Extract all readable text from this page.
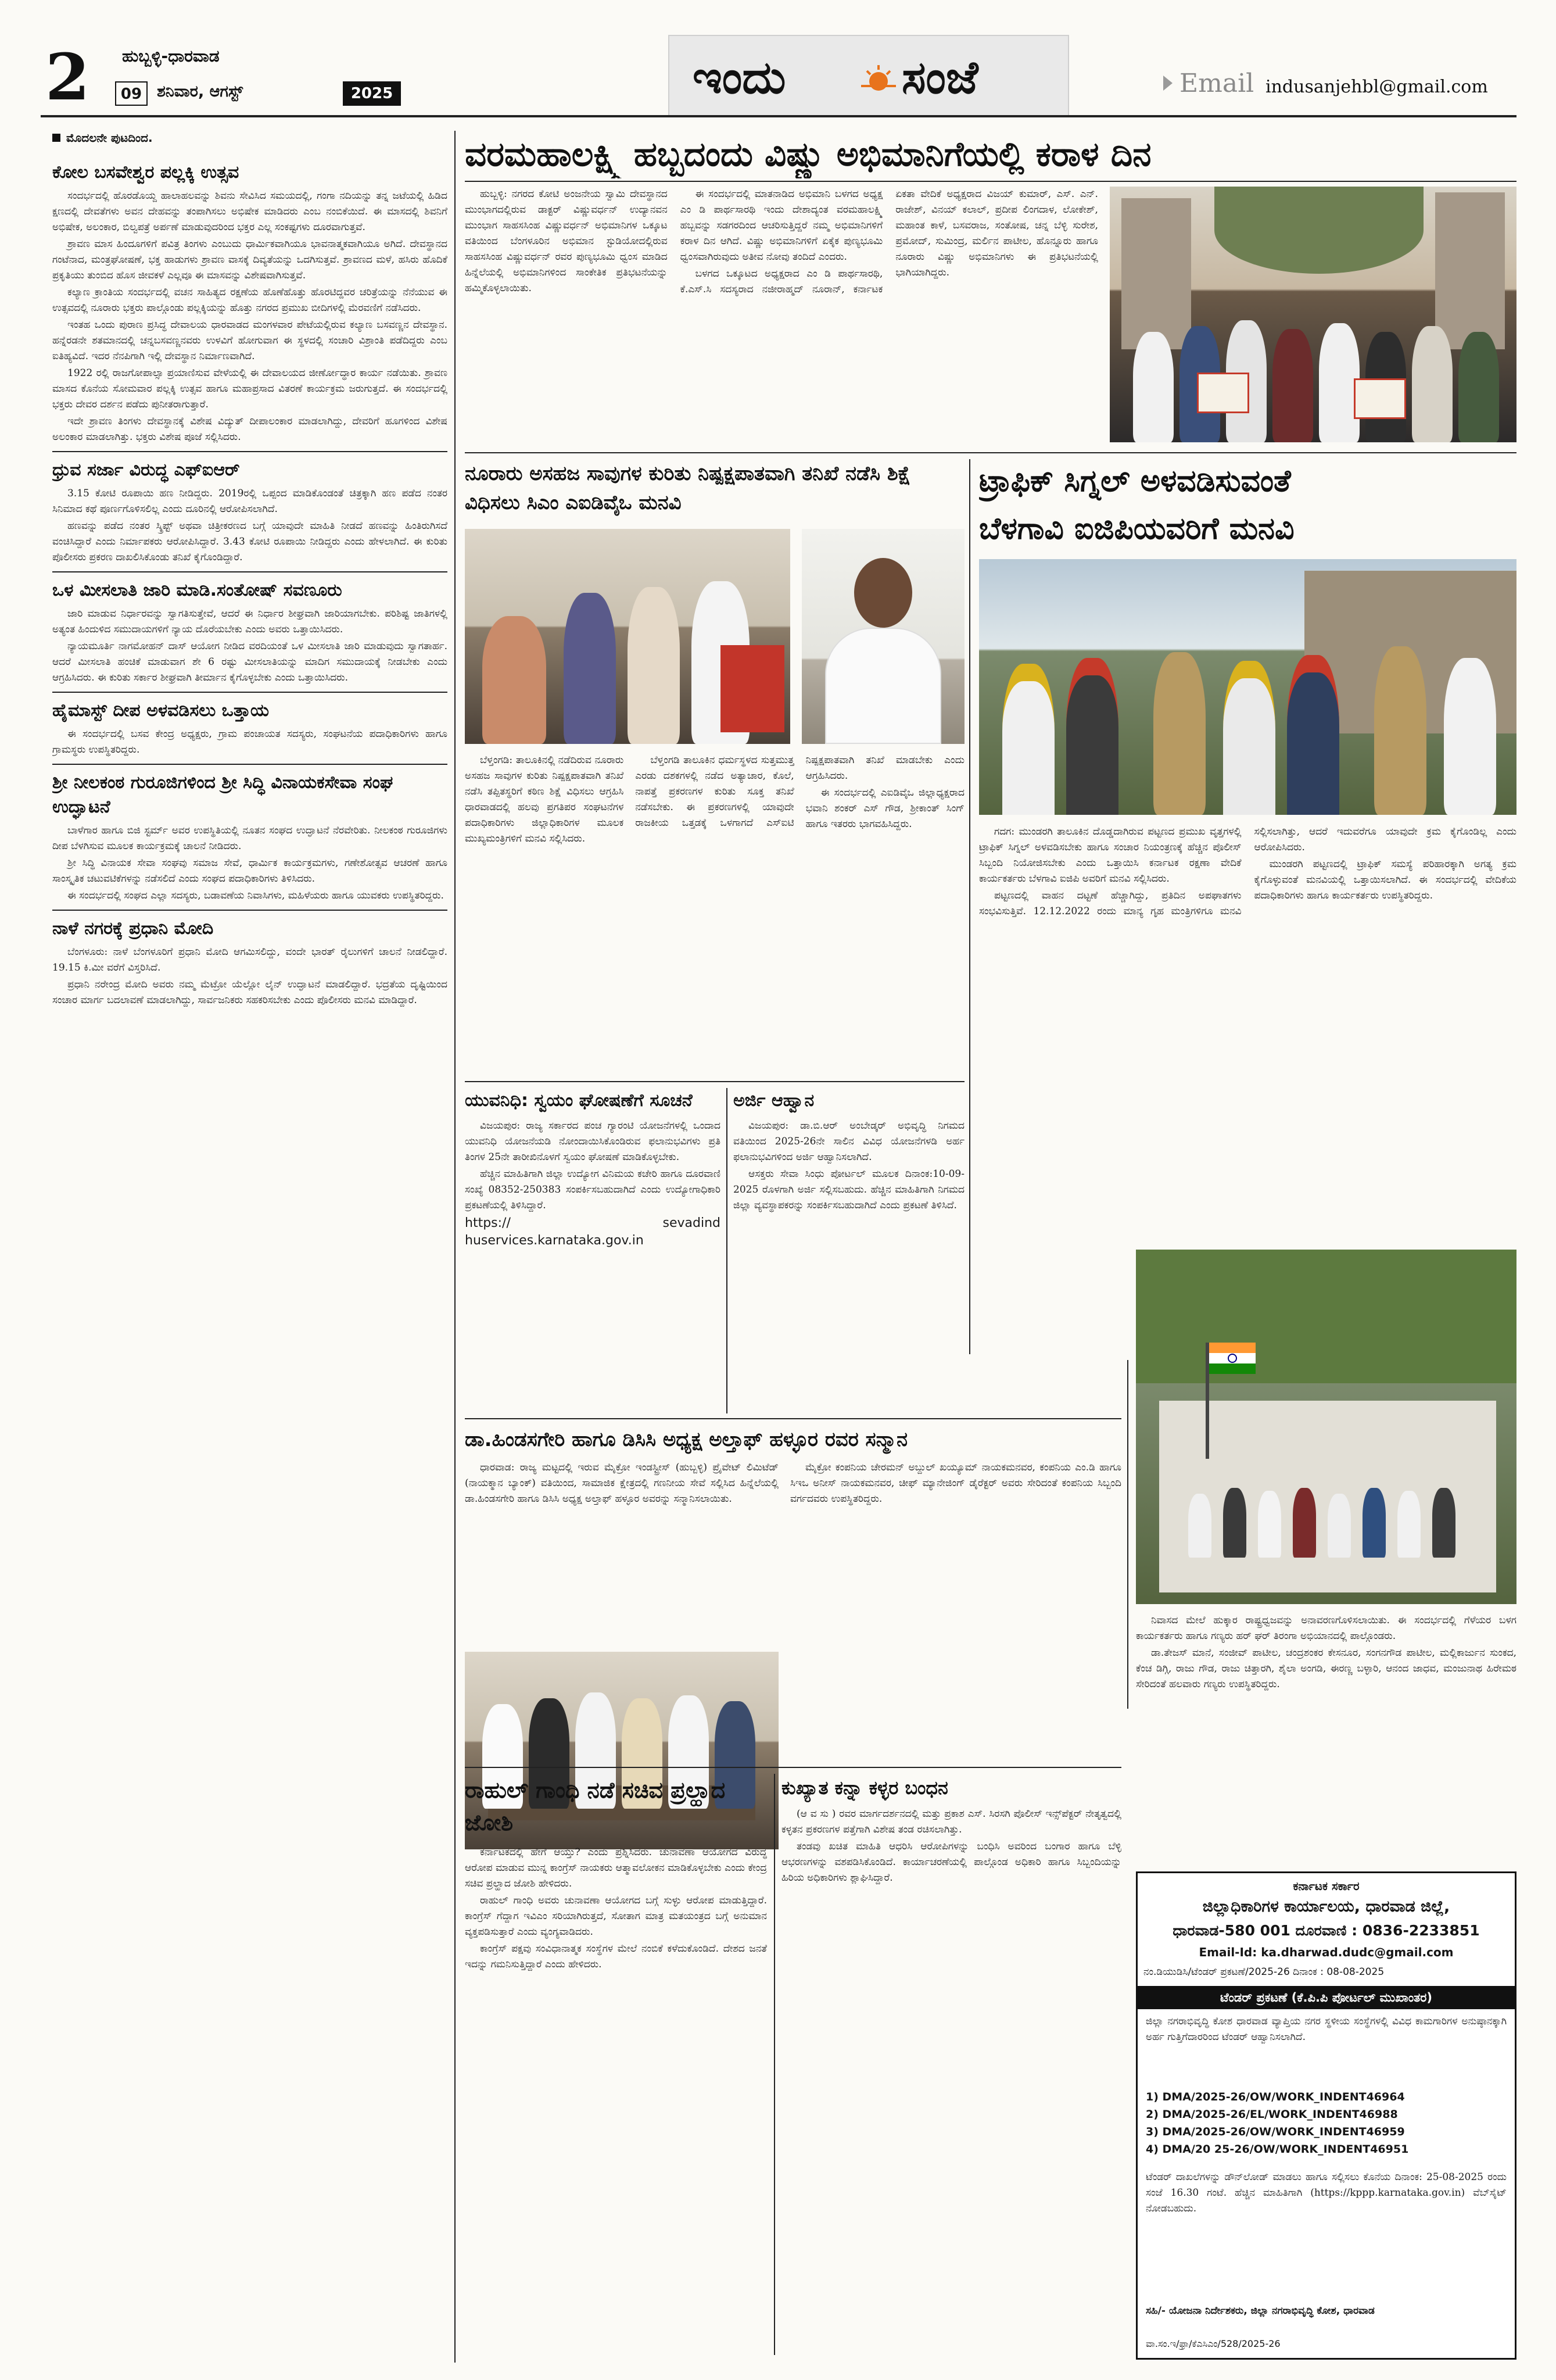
2	ಹುಬ್ಬಳ್ಳಿ-ಧಾರವಾಡ
09 ಶನಿವಾರ, ಆಗಸ್ಟ್	2025	ಇಂದು	ಸಂಜೆ	Email indusanjehbl@gmail.com
ಮೊದಲನೇ ಪುಟದಿಂದ.
ಕೋಲ ಬಸವೇಶ್ವರ ಪಲ್ಲಕ್ಕಿ ಉತ್ಸವ

ಸಂದರ್ಭದಲ್ಲಿ ಹೊರಡೊಯ್ದ ಹಾಲಾಹಲವನ್ನು ಶಿವನು ಸೇವಿಸಿದ ಸಮಯದಲ್ಲಿ, ಗಂಗಾ ನದಿಯನ್ನು ತನ್ನ ಜಟೆಯಲ್ಲಿ ಹಿಡಿದ ಕ್ಷಣದಲ್ಲಿ ದೇವತೆಗಳು ಅವನ ದೇಹವನ್ನು ತಂಪಾಗಿಸಲು ಅಭಿಷೇಕ ಮಾಡಿದರು ಎಂಬ ನಂಬಿಕೆಯಿದೆ. ಈ ಮಾಸದಲ್ಲಿ ಶಿವನಿಗೆ ಅಭಿಷೇಕ, ಅಲಂಕಾರ, ಬಿಲ್ವಪತ್ರೆ ಅರ್ಪಣೆ ಮಾಡುವುದರಿಂದ ಭಕ್ತರ ಎಲ್ಲ ಸಂಕಷ್ಟಗಳು ದೂರವಾಗುತ್ತವೆ.

ಶ್ರಾವಣ ಮಾಸ ಹಿಂದೂಗಳಿಗೆ ಪವಿತ್ರ ತಿಂಗಳು ಎಂಬುದು ಧಾರ್ಮಿಕವಾಗಿಯೂ ಭಾವನಾತ್ಮಕವಾಗಿಯೂ ಅಗಿದೆ. ದೇವಸ್ಥಾನದ ಗಂಟೆನಾದ, ಮಂತ್ರಘೋಷಣೆ, ಭಕ್ತ ಹಾಡುಗಳು ಶ್ರಾವಣ ವಾಸಕ್ಕೆ ದಿವ್ಯತೆಯನ್ನು ಒದಗಿಸುತ್ತವೆ. ಶ್ರಾವಣದ ಮಳೆ, ಹಸಿರು ಹೊದಿಕೆ ಪ್ರಕೃತಿಯು ತುಂಬಿದ ಹೊಸ ಜೀವಕಳೆ ಎಲ್ಲವೂ ಈ ಮಾಸವನ್ನು ವಿಶೇಷವಾಗಿಸುತ್ತವೆ.

ಕಲ್ಯಾಣ ಕ್ರಾಂತಿಯ ಸಂದರ್ಭದಲ್ಲಿ ವಚನ ಸಾಹಿತ್ಯದ ರಕ್ಷಣೆಯ ಹೊಣೆಹೊತ್ತು ಹೊರಟಿದ್ದವರ ಚರಿತ್ರೆಯನ್ನು ನೆನೆಯುವ ಈ ಉತ್ಸವದಲ್ಲಿ ನೂರಾರು ಭಕ್ತರು ಪಾಲ್ಗೊಂಡು ಪಲ್ಲಕ್ಕಿಯನ್ನು ಹೊತ್ತು ನಗರದ ಪ್ರಮುಖ ಬೀದಿಗಳಲ್ಲಿ ಮೆರವಣಿಗೆ ನಡೆಸಿದರು.

ಇಂತಹ ಒಂದು ಪುರಾಣ ಪ್ರಸಿದ್ಧ ದೇವಾಲಯ ಧಾರವಾಡದ ಮಂಗಳವಾರ ಪೇಟೆಯಲ್ಲಿರುವ ಕಲ್ಯಾಣ ಬಸವಣ್ಣನ ದೇವಸ್ಥಾನ. ಹನ್ನೆರಡನೇ ಶತಮಾನದಲ್ಲಿ ಚನ್ನಬಸವಣ್ಣನವರು ಉಳವಿಗೆ ಹೋಗುವಾಗ ಈ ಸ್ಥಳದಲ್ಲಿ ಸಂಚಾರಿ ವಿಶ್ರಾಂತಿ ಪಡೆದಿದ್ದರು ಎಂಬ ಐತಿಹ್ಯವಿದೆ. ಇದರ ನೆನಪಿಗಾಗಿ ಇಲ್ಲಿ ದೇವಸ್ಥಾನ ನಿರ್ಮಾಣವಾಗಿದೆ.

1922 ರಲ್ಲಿ ರಾಜಗೋಪಾಲ್ಸಾ ಪ್ರಯಾಣಿಸುವ ವೇಳೆಯಲ್ಲಿ ಈ ದೇವಾಲಯದ ಜೀರ್ಣೋದ್ಧಾರ ಕಾರ್ಯ ನಡೆಯಿತು. ಶ್ರಾವಣ ಮಾಸದ ಕೊನೆಯ ಸೋಮವಾರ ಪಲ್ಲಕ್ಕಿ ಉತ್ಸವ ಹಾಗೂ ಮಹಾಪ್ರಸಾದ ವಿತರಣೆ ಕಾರ್ಯಕ್ರಮ ಜರುಗುತ್ತದೆ. ಈ ಸಂದರ್ಭದಲ್ಲಿ ಭಕ್ತರು ದೇವರ ದರ್ಶನ ಪಡೆದು ಪುನೀತರಾಗುತ್ತಾರೆ.

ಇದೇ ಶ್ರಾವಣ ತಿಂಗಳು ದೇವಸ್ಥಾನಕ್ಕೆ ವಿಶೇಷ ವಿದ್ಯುತ್ ದೀಪಾಲಂಕಾರ ಮಾಡಲಾಗಿದ್ದು, ದೇವರಿಗೆ ಹೂಗಳಿಂದ ವಿಶೇಷ ಅಲಂಕಾರ ಮಾಡಲಾಗಿತ್ತು. ಭಕ್ತರು ವಿಶೇಷ ಪೂಜೆ ಸಲ್ಲಿಸಿದರು.

ಧ್ರುವ ಸರ್ಜಾ ವಿರುದ್ಧ ಎಫ್‌ಐಆರ್

3.15 ಕೋಟಿ ರೂಪಾಯಿ ಹಣ ನೀಡಿದ್ದರು. 2019ರಲ್ಲಿ ಒಪ್ಪಂದ ಮಾಡಿಕೊಂಡಂತೆ ಚಿತ್ರಕ್ಕಾಗಿ ಹಣ ಪಡೆದ ನಂತರ ಸಿನಿಮಾದ ಕಥೆ ಪೂರ್ಣಗೊಳಿಸಲಿಲ್ಲ ಎಂದು ದೂರಿನಲ್ಲಿ ಆರೋಪಿಸಲಾಗಿದೆ.

ಹಣವನ್ನು ಪಡೆದ ನಂತರ ಸ್ಕ್ರಿಪ್ಟ್ ಅಥವಾ ಚಿತ್ರೀಕರಣದ ಬಗ್ಗೆ ಯಾವುದೇ ಮಾಹಿತಿ ನೀಡದೆ ಹಣವನ್ನು ಹಿಂತಿರುಗಿಸದೆ ವಂಚಿಸಿದ್ದಾರೆ ಎಂದು ನಿರ್ಮಾಪಕರು ಆರೋಪಿಸಿದ್ದಾರೆ. 3.43 ಕೋಟಿ ರೂಪಾಯಿ ನೀಡಿದ್ದರು ಎಂದು ಹೇಳಲಾಗಿದೆ. ಈ ಕುರಿತು ಪೊಲೀಸರು ಪ್ರಕರಣ ದಾಖಲಿಸಿಕೊಂಡು ತನಿಖೆ ಕೈಗೊಂಡಿದ್ದಾರೆ.

ಒಳ ಮೀಸಲಾತಿ ಜಾರಿ ಮಾಡಿ.ಸಂತೋಷ್ ಸವಣೂರು

ಜಾರಿ ಮಾಡುವ ನಿರ್ಧಾರವನ್ನು ಸ್ವಾಗತಿಸುತ್ತೇವೆ, ಆದರೆ ಈ ನಿರ್ಧಾರ ಶೀಘ್ರವಾಗಿ ಜಾರಿಯಾಗಬೇಕು. ಪರಿಶಿಷ್ಟ ಜಾತಿಗಳಲ್ಲಿ ಅತ್ಯಂತ ಹಿಂದುಳಿದ ಸಮುದಾಯಗಳಿಗೆ ನ್ಯಾಯ ದೊರೆಯಬೇಕು ಎಂದು ಅವರು ಒತ್ತಾಯಿಸಿದರು.

ನ್ಯಾಯಮೂರ್ತಿ ನಾಗಮೋಹನ್ ದಾಸ್ ಆಯೋಗ ನೀಡಿದ ವರದಿಯಂತೆ ಒಳ ಮೀಸಲಾತಿ ಜಾರಿ ಮಾಡುವುದು ಸ್ವಾಗತಾರ್ಹ. ಆದರೆ ಮೀಸಲಾತಿ ಹಂಚಿಕೆ ಮಾಡುವಾಗ ಶೇ 6 ರಷ್ಟು ಮೀಸಲಾತಿಯನ್ನು ಮಾದಿಗ ಸಮುದಾಯಕ್ಕೆ ನೀಡಬೇಕು ಎಂದು ಆಗ್ರಹಿಸಿದರು. ಈ ಕುರಿತು ಸರ್ಕಾರ ಶೀಘ್ರವಾಗಿ ತೀರ್ಮಾನ ಕೈಗೊಳ್ಳಬೇಕು ಎಂದು ಒತ್ತಾಯಿಸಿದರು.

ಹೈಮಾಸ್ಟ್ ದೀಪ ಅಳವಡಿಸಲು ಒತ್ತಾಯ

ಈ ಸಂದರ್ಭದಲ್ಲಿ ಬಸವ ಕೇಂದ್ರ ಅಧ್ಯಕ್ಷರು, ಗ್ರಾಮ ಪಂಚಾಯತ ಸದಸ್ಯರು, ಸಂಘಟನೆಯ ಪದಾಧಿಕಾರಿಗಳು ಹಾಗೂ ಗ್ರಾಮಸ್ಥರು ಉಪಸ್ಥಿತರಿದ್ದರು.

ಶ್ರೀ ನೀಲಕಂಠ ಗುರೂಜಿಗಳಿಂದ ಶ್ರೀ ಸಿದ್ಧಿ ವಿನಾಯಕಸೇವಾ ಸಂಘ ಉದ್ಘಾಟನೆ

ಬಾಳೆಗಾರ ಹಾಗೂ ಬಿಜಿ ಸ್ಟರ್ಮ್ ಅವರ ಉಪಸ್ಥಿತಿಯಲ್ಲಿ ನೂತನ ಸಂಘದ ಉದ್ಘಾಟನೆ ನೆರವೇರಿತು. ನೀಲಕಂಠ ಗುರೂಜಿಗಳು ದೀಪ ಬೆಳಗಿಸುವ ಮೂಲಕ ಕಾರ್ಯಕ್ರಮಕ್ಕೆ ಚಾಲನೆ ನೀಡಿದರು.

ಶ್ರೀ ಸಿದ್ಧಿ ವಿನಾಯಕ ಸೇವಾ ಸಂಘವು ಸಮಾಜ ಸೇವೆ, ಧಾರ್ಮಿಕ ಕಾರ್ಯಕ್ರಮಗಳು, ಗಣೇಶೋತ್ಸವ ಆಚರಣೆ ಹಾಗೂ ಸಾಂಸ್ಕೃತಿಕ ಚಟುವಟಿಕೆಗಳನ್ನು ನಡೆಸಲಿದೆ ಎಂದು ಸಂಘದ ಪದಾಧಿಕಾರಿಗಳು ತಿಳಿಸಿದರು.

ಈ ಸಂದರ್ಭದಲ್ಲಿ ಸಂಘದ ಎಲ್ಲಾ ಸದಸ್ಯರು, ಬಡಾವಣೆಯ ನಿವಾಸಿಗಳು, ಮಹಿಳೆಯರು ಹಾಗೂ ಯುವಕರು ಉಪಸ್ಥಿತರಿದ್ದರು.

ನಾಳೆ ನಗರಕ್ಕೆ ಪ್ರಧಾನಿ ಮೋದಿ

ಬೆಂಗಳೂರು: ನಾಳೆ ಬೆಂಗಳೂರಿಗೆ ಪ್ರಧಾನಿ ಮೋದಿ ಆಗಮಿಸಲಿದ್ದು, ವಂದೇ ಭಾರತ್ ರೈಲುಗಳಿಗೆ ಚಾಲನೆ ನೀಡಲಿದ್ದಾರೆ. 19.15 ಕಿ.ಮೀ ವರೆಗೆ ವಿಸ್ತರಿಸಿದೆ.

ಪ್ರಧಾನಿ ನರೇಂದ್ರ ಮೋದಿ ಅವರು ನಮ್ಮ ಮೆಟ್ರೋ ಯೆಲ್ಲೋ ಲೈನ್ ಉದ್ಘಾಟನೆ ಮಾಡಲಿದ್ದಾರೆ. ಭದ್ರತೆಯ ದೃಷ್ಟಿಯಿಂದ ಸಂಚಾರ ಮಾರ್ಗ ಬದಲಾವಣೆ ಮಾಡಲಾಗಿದ್ದು, ಸಾರ್ವಜನಿಕರು ಸಹಕರಿಸಬೇಕು ಎಂದು ಪೊಲೀಸರು ಮನವಿ ಮಾಡಿದ್ದಾರೆ.

ವರಮಹಾಲಕ್ಷ್ಮಿ ಹಬ್ಬದಂದು ವಿಷ್ಣು ಅಭಿಮಾನಿಗೆಯಲ್ಲಿ ಕರಾಳ ದಿನ

ಹುಬ್ಬಳ್ಳಿ: ನಗರದ ಕೋಟಿ ಅಂಜನೇಯ ಸ್ವಾಮಿ ದೇವಸ್ಥಾನದ ಮುಂಭಾಗದಲ್ಲಿರುವ ಡಾಕ್ಟರ್ ವಿಷ್ಣುವರ್ಧನ್ ಉದ್ಯಾನವನ ಮುಂಭಾಗ ಸಾಹಸಸಿಂಹ ವಿಷ್ಣುವರ್ಧನ್ ಅಭಿಮಾನಿಗಳ ಒಕ್ಕೂಟ ವತಿಯಿಂದ ಬೆಂಗಳೂರಿನ ಅಭಿಮಾನ ಸ್ಟುಡಿಯೋದಲ್ಲಿರುವ ಸಾಹಸಸಿಂಹ ವಿಷ್ಣುವರ್ಧನ್ ರವರ ಪುಣ್ಯಭೂಮಿ ಧ್ವಂಸ ಮಾಡಿದ ಹಿನ್ನೆಲೆಯಲ್ಲಿ ಅಭಿಮಾನಿಗಳಿಂದ ಸಾಂಕೇತಿಕ ಪ್ರತಿಭಟನೆಯನ್ನು ಹಮ್ಮಿಕೊಳ್ಳಲಾಯಿತು.

ಈ ಸಂದರ್ಭದಲ್ಲಿ ಮಾತನಾಡಿದ ಅಭಿಮಾನಿ ಬಳಗದ ಅಧ್ಯಕ್ಷ ಎಂ ಡಿ ಪಾರ್ಥಸಾರಥಿ ಇಂದು ದೇಶಾದ್ಯಂತ ವರಮಹಾಲಕ್ಷ್ಮಿ ಹಬ್ಬವನ್ನು ಸಡಗರದಿಂದ ಆಚರಿಸುತ್ತಿದ್ದರೆ ನಮ್ಮ ಅಭಿಮಾನಿಗಳಿಗೆ ಕರಾಳ ದಿನ ಆಗಿದೆ. ವಿಷ್ಣು ಅಭಿಮಾನಿಗಳಿಗೆ ಏಕೈಕ ಪುಣ್ಯಭೂಮಿ ಧ್ವಂಸವಾಗಿರುವುದು ಅತೀವ ನೋವು ತಂದಿದೆ ಎಂದರು.

ಬಳಗದ ಒಕ್ಕೂಟದ ಅಧ್ಯಕ್ಷರಾದ ಎಂ ಡಿ ಪಾರ್ಥಸಾರಥಿ, ಕೆ.ಎಸ್.ಸಿ ಸದಸ್ಯರಾದ ನಜೀರಾಹ್ಮದ್ ನೂರಾನ್, ಕರ್ನಾಟಕ ಏಕತಾ ವೇದಿಕೆ ಅಧ್ಯಕ್ಷರಾದ ವಿಜಯ್ ಕುಮಾರ್, ಎಸ್. ಎನ್. ರಾಜೇಶ್, ವಿನಯ್ ಕಲಾಲ್, ಪ್ರದೀಪ ಲಿಂಗದಾಳ, ಲೋಕೇಶ್, ಮಹಾಂತ ಕಾಳೆ, ಬಸವರಾಜ, ಸಂತೋಷ, ಚನ್ನ ಬೆಳ್ಳಿ ಸುರೇಶ, ಪ್ರಮೋದ್, ಸುಮಿಂದ್ರ, ಮರ್ಲಿನ ಪಾಟೀಲ, ಹೊನ್ನೂರು ಹಾಗೂ ನೂರಾರು ವಿಷ್ಣು ಅಭಿಮಾನಿಗಳು ಈ ಪ್ರತಿಭಟನೆಯಲ್ಲಿ ಭಾಗಿಯಾಗಿದ್ದರು.

ನೂರಾರು ಅಸಹಜ ಸಾವುಗಳ ಕುರಿತು ನಿಷ್ಪಕ್ಷಪಾತವಾಗಿ ತನಿಖೆ ನಡೆಸಿ ಶಿಕ್ಷೆ ವಿಧಿಸಲು ಸಿಎಂ ಎಐಡಿವೈಒ ಮನವಿ

ಬೆಳ್ತಂಗಡಿ: ತಾಲೂಕಿನಲ್ಲಿ ನಡೆದಿರುವ ನೂರಾರು ಅಸಹಜ ಸಾವುಗಳ ಕುರಿತು ನಿಷ್ಪಕ್ಷಪಾತವಾಗಿ ತನಿಖೆ ನಡೆಸಿ ತಪ್ಪಿತಸ್ಥರಿಗೆ ಕಠಿಣ ಶಿಕ್ಷೆ ವಿಧಿಸಲು ಆಗ್ರಹಿಸಿ ಧಾರವಾಡದಲ್ಲಿ ಹಲವು ಪ್ರಗತಿಪರ ಸಂಘಟನೆಗಳ ಪದಾಧಿಕಾರಿಗಳು ಜಿಲ್ಲಾಧಿಕಾರಿಗಳ ಮೂಲಕ ಮುಖ್ಯಮಂತ್ರಿಗಳಿಗೆ ಮನವಿ ಸಲ್ಲಿಸಿದರು.

ಬೆಳ್ತಂಗಡಿ ತಾಲೂಕಿನ ಧರ್ಮಸ್ಥಳದ ಸುತ್ತಮುತ್ತ ಎರಡು ದಶಕಗಳಲ್ಲಿ ನಡೆದ ಅತ್ಯಾಚಾರ, ಕೊಲೆ, ನಾಪತ್ತೆ ಪ್ರಕರಣಗಳ ಕುರಿತು ಸೂಕ್ತ ತನಿಖೆ ನಡೆಸಬೇಕು. ಈ ಪ್ರಕರಣಗಳಲ್ಲಿ ಯಾವುದೇ ರಾಜಕೀಯ ಒತ್ತಡಕ್ಕೆ ಒಳಗಾಗದೆ ಎಸ್ಐಟಿ ನಿಷ್ಪಕ್ಷಪಾತವಾಗಿ ತನಿಖೆ ಮಾಡಬೇಕು ಎಂದು ಆಗ್ರಹಿಸಿದರು.

ಈ ಸಂದರ್ಭದಲ್ಲಿ ಎಐಡಿವೈಒ ಜಿಲ್ಲಾಧ್ಯಕ್ಷರಾದ ಭವಾನಿ ಶಂಕರ್ ಎಸ್ ಗೌಡ, ಶ್ರೀಕಾಂತ್ ಸಿಂಗ್ ಹಾಗೂ ಇತರರು ಭಾಗವಹಿಸಿದ್ದರು.

ಟ್ರಾಫಿಕ್ ಸಿಗ್ನಲ್ ಅಳವಡಿಸುವಂತೆ
ಬೆಳಗಾವಿ ಐಜಿಪಿಯವರಿಗೆ ಮನವಿ

ಗದಗ: ಮುಂಡರಗಿ ತಾಲೂಕಿನ ದೊಡ್ಡದಾಗಿರುವ ಪಟ್ಟಣದ ಪ್ರಮುಖ ವೃತ್ತಗಳಲ್ಲಿ ಟ್ರಾಫಿಕ್ ಸಿಗ್ನಲ್ ಅಳವಡಿಸಬೇಕು ಹಾಗೂ ಸಂಚಾರ ನಿಯಂತ್ರಣಕ್ಕೆ ಹೆಚ್ಚಿನ ಪೊಲೀಸ್ ಸಿಬ್ಬಂದಿ ನಿಯೋಜಿಸಬೇಕು ಎಂದು ಒತ್ತಾಯಿಸಿ ಕರ್ನಾಟಕ ರಕ್ಷಣಾ ವೇದಿಕೆ ಕಾರ್ಯಕರ್ತರು ಬೆಳಗಾವಿ ಐಜಿಪಿ ಅವರಿಗೆ ಮನವಿ ಸಲ್ಲಿಸಿದರು.

ಪಟ್ಟಣದಲ್ಲಿ ವಾಹನ ದಟ್ಟಣೆ ಹೆಚ್ಚಾಗಿದ್ದು, ಪ್ರತಿದಿನ ಅಪಘಾತಗಳು ಸಂಭವಿಸುತ್ತಿವೆ. 12.12.2022 ರಂದು ಮಾನ್ಯ ಗೃಹ ಮಂತ್ರಿಗಳಿಗೂ ಮನವಿ ಸಲ್ಲಿಸಲಾಗಿತ್ತು, ಆದರೆ ಇದುವರೆಗೂ ಯಾವುದೇ ಕ್ರಮ ಕೈಗೊಂಡಿಲ್ಲ ಎಂದು ಆರೋಪಿಸಿದರು.

ಮುಂಡರಗಿ ಪಟ್ಟಣದಲ್ಲಿ ಟ್ರಾಫಿಕ್ ಸಮಸ್ಯೆ ಪರಿಹಾರಕ್ಕಾಗಿ ಅಗತ್ಯ ಕ್ರಮ ಕೈಗೊಳ್ಳುವಂತೆ ಮನವಿಯಲ್ಲಿ ಒತ್ತಾಯಿಸಲಾಗಿದೆ. ಈ ಸಂದರ್ಭದಲ್ಲಿ ವೇದಿಕೆಯ ಪದಾಧಿಕಾರಿಗಳು ಹಾಗೂ ಕಾರ್ಯಕರ್ತರು ಉಪಸ್ಥಿತರಿದ್ದರು.

ಯುವನಿಧಿ: ಸ್ವಯಂ ಘೋಷಣೆಗೆ ಸೂಚನೆ

ವಿಜಯಪುರ: ರಾಜ್ಯ ಸರ್ಕಾರದ ಪಂಚ ಗ್ಯಾರಂಟಿ ಯೋಜನೆಗಳಲ್ಲಿ ಒಂದಾದ ಯುವನಿಧಿ ಯೋಜನೆಯಡಿ ನೋಂದಾಯಿಸಿಕೊಂಡಿರುವ ಫಲಾನುಭವಿಗಳು ಪ್ರತಿ ತಿಂಗಳ 25ನೇ ತಾರೀಖಿನೊಳಗೆ ಸ್ವಯಂ ಘೋಷಣೆ ಮಾಡಿಕೊಳ್ಳಬೇಕು.

ಹೆಚ್ಚಿನ ಮಾಹಿತಿಗಾಗಿ ಜಿಲ್ಲಾ ಉದ್ಯೋಗ ವಿನಿಮಯ ಕಚೇರಿ ಹಾಗೂ ದೂರವಾಣಿ ಸಂಖ್ಯೆ 08352-250383 ಸಂಪರ್ಕಿಸಬಹುದಾಗಿದೆ ಎಂದು ಉದ್ಯೋಗಾಧಿಕಾರಿ ಪ್ರಕಟಣೆಯಲ್ಲಿ ತಿಳಿಸಿದ್ದಾರೆ.

https:// sevadind huservices.karnataka.gov.in

ಅರ್ಜಿ ಆಹ್ವಾನ

ವಿಜಯಪುರ: ಡಾ.ಬಿ.ಆರ್ ಅಂಬೇಡ್ಕರ್ ಅಭಿವೃದ್ಧಿ ನಿಗಮದ ವತಿಯಿಂದ 2025-26ನೇ ಸಾಲಿನ ವಿವಿಧ ಯೋಜನೆಗಳಡಿ ಅರ್ಹ ಫಲಾನುಭವಿಗಳಿಂದ ಅರ್ಜಿ ಆಹ್ವಾನಿಸಲಾಗಿದೆ.

ಆಸಕ್ತರು ಸೇವಾ ಸಿಂಧು ಪೋರ್ಟಲ್ ಮೂಲಕ ದಿನಾಂಕ:10-09-2025 ರೊಳಗಾಗಿ ಅರ್ಜಿ ಸಲ್ಲಿಸಬಹುದು. ಹೆಚ್ಚಿನ ಮಾಹಿತಿಗಾಗಿ ನಿಗಮದ ಜಿಲ್ಲಾ ವ್ಯವಸ್ಥಾಪಕರನ್ನು ಸಂಪರ್ಕಿಸಬಹುದಾಗಿದೆ ಎಂದು ಪ್ರಕಟಣೆ ತಿಳಿಸಿದೆ.

ಡಾ.ಹಿಂಡಸಗೇರಿ ಹಾಗೂ ಡಿಸಿಸಿ ಅಧ್ಯಕ್ಷ ಅಲ್ತಾಫ್ ಹಳ್ಳೂರ ರವರ ಸನ್ಮಾನ

ಧಾರವಾಡ: ರಾಜ್ಯ ಮಟ್ಟದಲ್ಲಿ ಇರುವ ಮೈಕ್ರೋ ಇಂಡಸ್ಟ್ರೀಸ್ (ಹುಬ್ಬಳ್ಳಿ) ಪ್ರೈವೇಟ್ ಲಿಮಿಟೆಡ್ (ನಾಯಕ್ಮಾನ ಬ್ಯಾಂಕ್) ವತಿಯಿಂದ, ಸಾಮಾಜಿಕ ಕ್ಷೇತ್ರದಲ್ಲಿ ಗಣನೀಯ ಸೇವೆ ಸಲ್ಲಿಸಿದ ಹಿನ್ನೆಲೆಯಲ್ಲಿ ಡಾ.ಹಿಂಡಸಗೇರಿ ಹಾಗೂ ಡಿಸಿಸಿ ಅಧ್ಯಕ್ಷ ಅಲ್ತಾಫ್ ಹಳ್ಳೂರ ಅವರನ್ನು ಸನ್ಮಾನಿಸಲಾಯಿತು.

ಮೈಕ್ರೋ ಕಂಪನಿಯ ಚೇರಮನ್ ಅಬ್ದುಲ್ ಖಯ್ಯೂಮ್ ನಾಯಕಮನವರ, ಕಂಪನಿಯ ಎಂ.ಡಿ ಹಾಗೂ ಸಿಇಒ ಅನೀಸ್ ನಾಯಕಮನವರ, ಚೀಫ್ ಮ್ಯಾನೇಜಿಂಗ್ ಡೈರೆಕ್ಟರ್ ಅವರು ಸೇರಿದಂತೆ ಕಂಪನಿಯ ಸಿಬ್ಬಂದಿ ವರ್ಗದವರು ಉಪಸ್ಥಿತರಿದ್ದರು.

ನಿವಾಸದ ಮೇಲೆ ಹುಕ್ಕಾರ ರಾಷ್ಟ್ರಧ್ವಜವನ್ನು ಅನಾವರಣಗೊಳಿಸಲಾಯಿತು. ಈ ಸಂದರ್ಭದಲ್ಲಿ ಗೆಳೆಯರ ಬಳಗ ಕಾರ್ಯಕರ್ತರು ಹಾಗೂ ಗಣ್ಯರು ಹರ್ ಘರ್ ತಿರಂಗಾ ಅಭಿಯಾನದಲ್ಲಿ ಪಾಲ್ಗೊಂಡರು.

ಡಾ.ತೇಜಸ್ ಮಾನೆ, ಸಂಜೀವ್ ಪಾಟೀಲ, ಚಂದ್ರಶಂಕರ ಕೇಸನೂರ, ಸಂಗನಗೌಡ ಪಾಟೀಲ, ಮಲ್ಲಿಕಾರ್ಜುನ ಸುಂಕದ, ಕೆಂಚ ಡಿಗ್ಗಿ, ರಾಜು ಗೌಡ, ರಾಜು ಚಿತ್ತಾರಗಿ, ಶೈಲಾ ಅಂಗಡಿ, ಈರಣ್ಣ ಬಳ್ಳಾರಿ, ಆನಂದ ಜಾಧವ, ಮಂಜುನಾಥ ಹಿರೇಮಠ ಸೇರಿದಂತೆ ಹಲವಾರು ಗಣ್ಯರು ಉಪಸ್ಥಿತರಿದ್ದರು.

ರಾಹುಲ್ ಗಾಂಧಿ ನಡೆ ಸಚಿವ ಪ್ರಲ್ಹಾದ ಜೋಶಿ

ಕರ್ನಾಟಕದಲ್ಲಿ ಹೇಗೆ ಆಯ್ತು? ಎಂದು ಪ್ರಶ್ನಿಸಿದರು. ಚುನಾವಣಾ ಆಯೋಗದ ವಿರುದ್ಧ ಆರೋಪ ಮಾಡುವ ಮುನ್ನ ಕಾಂಗ್ರೆಸ್ ನಾಯಕರು ಆತ್ಮಾವಲೋಕನ ಮಾಡಿಕೊಳ್ಳಬೇಕು ಎಂದು ಕೇಂದ್ರ ಸಚಿವ ಪ್ರಲ್ಹಾದ ಜೋಶಿ ಹೇಳಿದರು.

ರಾಹುಲ್ ಗಾಂಧಿ ಅವರು ಚುನಾವಣಾ ಆಯೋಗದ ಬಗ್ಗೆ ಸುಳ್ಳು ಆರೋಪ ಮಾಡುತ್ತಿದ್ದಾರೆ. ಕಾಂಗ್ರೆಸ್ ಗೆದ್ದಾಗ ಇವಿಎಂ ಸರಿಯಾಗಿರುತ್ತದೆ, ಸೋತಾಗ ಮಾತ್ರ ಮತಯಂತ್ರದ ಬಗ್ಗೆ ಅನುಮಾನ ವ್ಯಕ್ತಪಡಿಸುತ್ತಾರೆ ಎಂದು ವ್ಯಂಗ್ಯವಾಡಿದರು.

ಕಾಂಗ್ರೆಸ್ ಪಕ್ಷವು ಸಂವಿಧಾನಾತ್ಮಕ ಸಂಸ್ಥೆಗಳ ಮೇಲೆ ನಂಬಿಕೆ ಕಳೆದುಕೊಂಡಿದೆ. ದೇಶದ ಜನತೆ ಇದನ್ನು ಗಮನಿಸುತ್ತಿದ್ದಾರೆ ಎಂದು ಹೇಳಿದರು.

ಕುಖ್ಯಾತ ಕನ್ನಾ ಕಳ್ಳರ ಬಂಧನ

(ಆ ವ ಸು ) ರವರ ಮಾರ್ಗದರ್ಶನದಲ್ಲಿ ಮತ್ತು ಪ್ರಕಾಶ ಎಸ್. ಸಿರಸಗಿ ಪೊಲೀಸ್ ಇನ್ಸ್‌ಪೆಕ್ಟರ್ ನೇತೃತ್ವದಲ್ಲಿ ಕಳ್ಳತನ ಪ್ರಕರಣಗಳ ಪತ್ತೆಗಾಗಿ ವಿಶೇಷ ತಂಡ ರಚಿಸಲಾಗಿತ್ತು.

ತಂಡವು ಖಚಿತ ಮಾಹಿತಿ ಆಧರಿಸಿ ಆರೋಪಿಗಳನ್ನು ಬಂಧಿಸಿ ಅವರಿಂದ ಬಂಗಾರ ಹಾಗೂ ಬೆಳ್ಳಿ ಆಭರಣಗಳನ್ನು ವಶಪಡಿಸಿಕೊಂಡಿದೆ. ಕಾರ್ಯಾಚರಣೆಯಲ್ಲಿ ಪಾಲ್ಗೊಂಡ ಅಧಿಕಾರಿ ಹಾಗೂ ಸಿಬ್ಬಂದಿಯನ್ನು ಹಿರಿಯ ಅಧಿಕಾರಿಗಳು ಶ್ಲಾಘಿಸಿದ್ದಾರೆ.

ಕರ್ನಾಟಕ ಸರ್ಕಾರ
ಜಿಲ್ಲಾಧಿಕಾರಿಗಳ ಕಾರ್ಯಾಲಯ, ಧಾರವಾಡ ಜಿಲ್ಲೆ,
ಧಾರವಾಡ-580 001 ದೂರವಾಣಿ : 0836-2233851
Email-Id: ka.dharwad.dudc@gmail.com
ನಂ.ಡಿಯುಡಿಸಿ/ಟೆಂಡರ್ ಪ್ರಕಟಣೆ/2025-26 ದಿನಾಂಕ : 08-08-2025
ಟೆಂಡರ್ ಪ್ರಕಟಣೆ (ಕೆ.ಪಿ.ಪಿ ಪೋರ್ಟಲ್ ಮುಖಾಂತರ)
ಜಿಲ್ಲಾ ನಗರಾಭಿವೃದ್ಧಿ ಕೋಶ ಧಾರವಾಡ ವ್ಯಾಪ್ತಿಯ ನಗರ ಸ್ಥಳೀಯ ಸಂಸ್ಥೆಗಳಲ್ಲಿ ವಿವಿಧ ಕಾಮಗಾರಿಗಳ ಅನುಷ್ಠಾನಕ್ಕಾಗಿ ಅರ್ಹ ಗುತ್ತಿಗೆದಾರರಿಂದ ಟೆಂಡರ್ ಆಹ್ವಾನಿಸಲಾಗಿದೆ.
1) DMA/2025-26/OW/WORK_INDENT46964
2) DMA/2025-26/EL/WORK_INDENT46988
3) DMA/2025-26/OW/WORK_INDENT46959
4) DMA/20 25-26/OW/WORK_INDENT46951
ಟೆಂಡರ್ ದಾಖಲೆಗಳನ್ನು ಡೌನ್‌ಲೋಡ್ ಮಾಡಲು ಹಾಗೂ ಸಲ್ಲಿಸಲು ಕೊನೆಯ ದಿನಾಂಕ: 25-08-2025 ರಂದು ಸಂಜೆ 16.30 ಗಂಟೆ. ಹೆಚ್ಚಿನ ಮಾಹಿತಿಗಾಗಿ (https://kppp.karnataka.gov.in) ವೆಬ್‌ಸೈಟ್ ನೋಡಬಹುದು.
ಸಹಿ/- ಯೋಜನಾ ನಿರ್ದೇಶಕರು, ಜಿಲ್ಲಾ ನಗರಾಭಿವೃದ್ಧಿ ಕೋಶ, ಧಾರವಾಡ
ವಾ.ಸಂ.ಇ/ಫ್ರಾ/ಕೆಎಸಿಎಂ/528/2025-26
